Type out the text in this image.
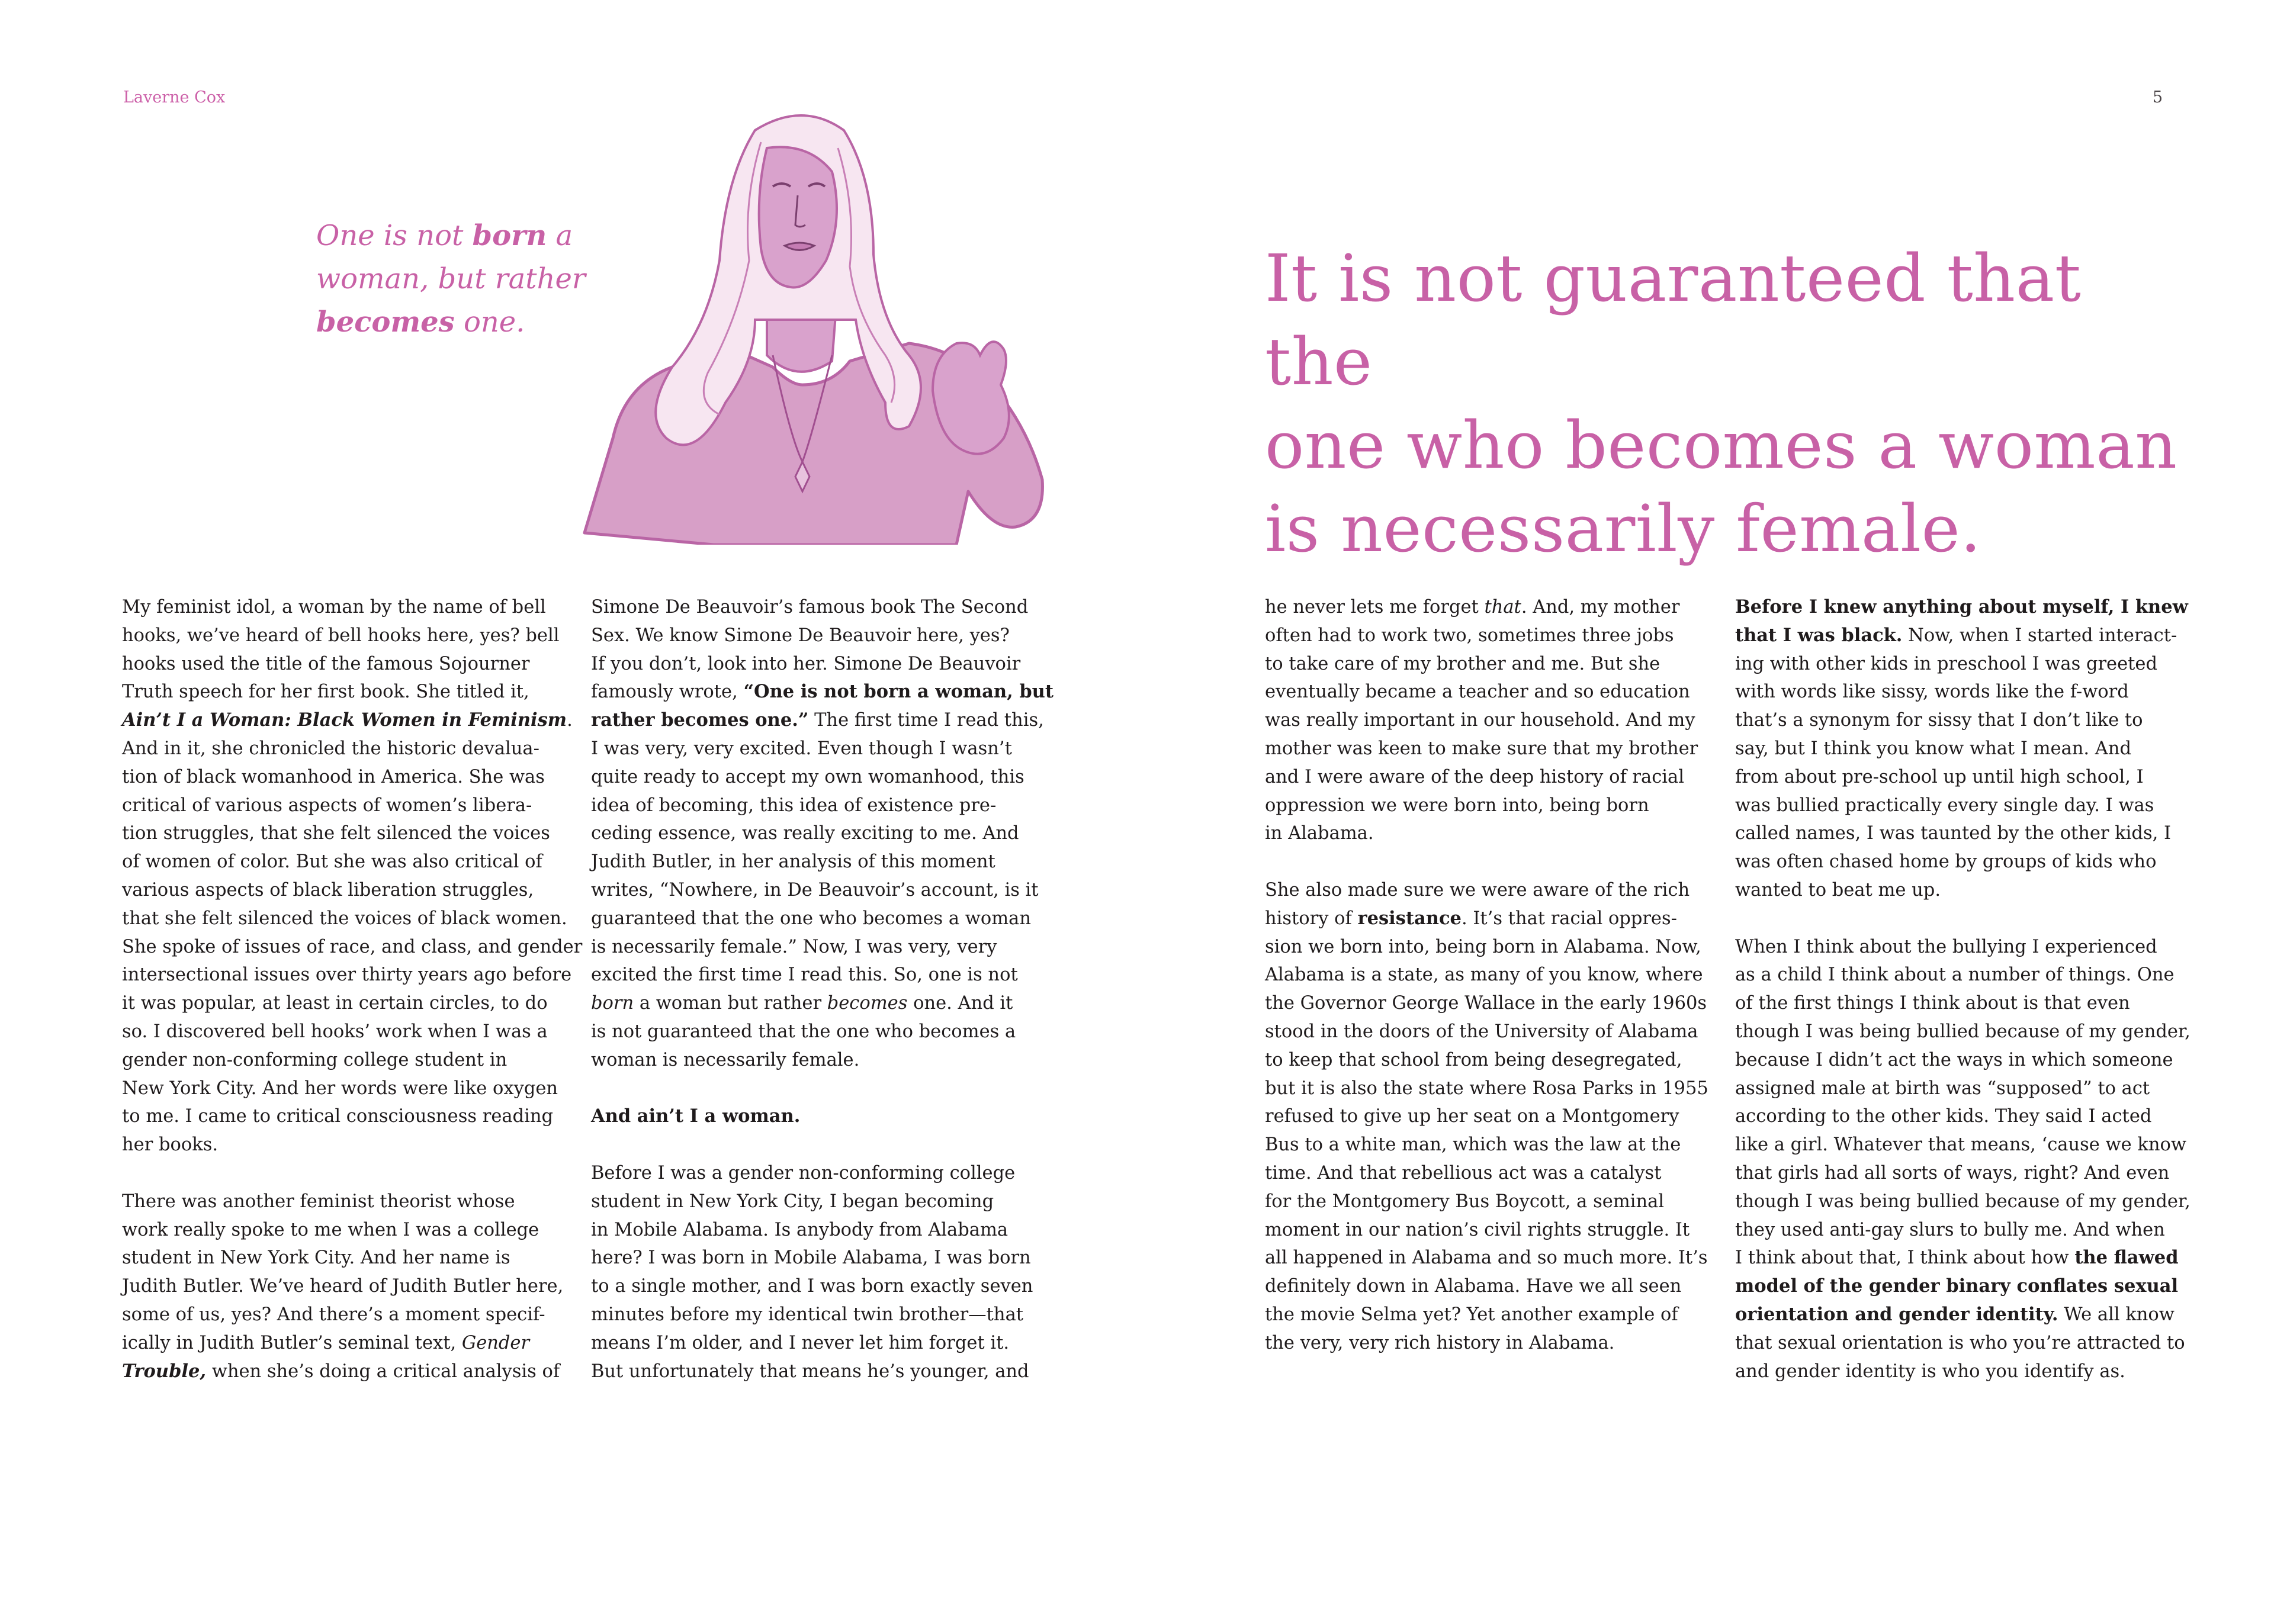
Laverne Cox	5

One is not born a
woman, but rather
becomes one.

It is not guaranteed that the
one who becomes a woman
is necessarily female.

My feminist idol, a woman by the name of bell

hooks, we’ve heard of bell hooks here, yes? bell

hooks used the title of the famous Sojourner

Truth speech for her first book. She titled it,

Ain’t I a Woman: Black Women in Feminism.

And in it, she chronicled the historic devalua-

tion of black womanhood in America. She was

critical of various aspects of women’s libera-

tion struggles, that she felt silenced the voices

of women of color. But she was also critical of

various aspects of black liberation struggles,

that she felt silenced the voices of black women.

She spoke of issues of race, and class, and gender

intersectional issues over thirty years ago before

it was popular, at least in certain circles, to do

so. I discovered bell hooks’ work when I was a

gender non-conforming college student in

New York City. And her words were like oxygen

to me. I came to critical consciousness reading

her books.

There was another feminist theorist whose

work really spoke to me when I was a college

student in New York City. And her name is

Judith Butler. We’ve heard of Judith Butler here,

some of us, yes? And there’s a moment specif-

ically in Judith Butler’s seminal text, Gender

Trouble, when she’s doing a critical analysis of

Simone De Beauvoir’s famous book The Second

Sex. We know Simone De Beauvoir here, yes?

If you don’t, look into her. Simone De Beauvoir

famously wrote, “One is not born a woman, but

rather becomes one.” The first time I read this,

I was very, very excited. Even though I wasn’t

quite ready to accept my own womanhood, this

idea of becoming, this idea of existence pre-

ceding essence, was really exciting to me. And

Judith Butler, in her analysis of this moment

writes, “Nowhere, in De Beauvoir’s account, is it

guaranteed that the one who becomes a woman

is necessarily female.” Now, I was very, very

excited the first time I read this. So, one is not

born a woman but rather becomes one. And it

is not guaranteed that the one who becomes a

woman is necessarily female.

And ain’t I a woman.

Before I was a gender non-conforming college

student in New York City, I began becoming

in Mobile Alabama. Is anybody from Alabama

here? I was born in Mobile Alabama, I was born

to a single mother, and I was born exactly seven

minutes before my identical twin brother—that

means I’m older, and I never let him forget it.

But unfortunately that means he’s younger, and

he never lets me forget that. And, my mother

often had to work two, sometimes three jobs

to take care of my brother and me. But she

eventually became a teacher and so education

was really important in our household. And my

mother was keen to make sure that my brother

and I were aware of the deep history of racial

oppression we were born into, being born

in Alabama.

She also made sure we were aware of the rich

history of resistance. It’s that racial oppres-

sion we born into, being born in Alabama. Now,

Alabama is a state, as many of you know, where

the Governor George Wallace in the early 1960s

stood in the doors of the University of Alabama

to keep that school from being desegregated,

but it is also the state where Rosa Parks in 1955

refused to give up her seat on a Montgomery

Bus to a white man, which was the law at the

time. And that rebellious act was a catalyst

for the Montgomery Bus Boycott, a seminal

moment in our nation’s civil rights struggle. It

all happened in Alabama and so much more. It’s

definitely down in Alabama. Have we all seen

the movie Selma yet? Yet another example of

the very, very rich history in Alabama.

Before I knew anything about myself, I knew

that I was black. Now, when I started interact-

ing with other kids in preschool I was greeted

with words like sissy, words like the f-word

that’s a synonym for sissy that I don’t like to

say, but I think you know what I mean. And

from about pre-school up until high school, I

was bullied practically every single day. I was

called names, I was taunted by the other kids, I

was often chased home by groups of kids who

wanted to beat me up.

When I think about the bullying I experienced

as a child I think about a number of things. One

of the first things I think about is that even

though I was being bullied because of my gender,

because I didn’t act the ways in which someone

assigned male at birth was “supposed” to act

according to the other kids. They said I acted

like a girl. Whatever that means, ‘cause we know

that girls had all sorts of ways, right? And even

though I was being bullied because of my gender,

they used anti-gay slurs to bully me. And when

I think about that, I think about how the flawed

model of the gender binary conflates sexual

orientation and gender identity. We all know

that sexual orientation is who you’re attracted to

and gender identity is who you identify as.
